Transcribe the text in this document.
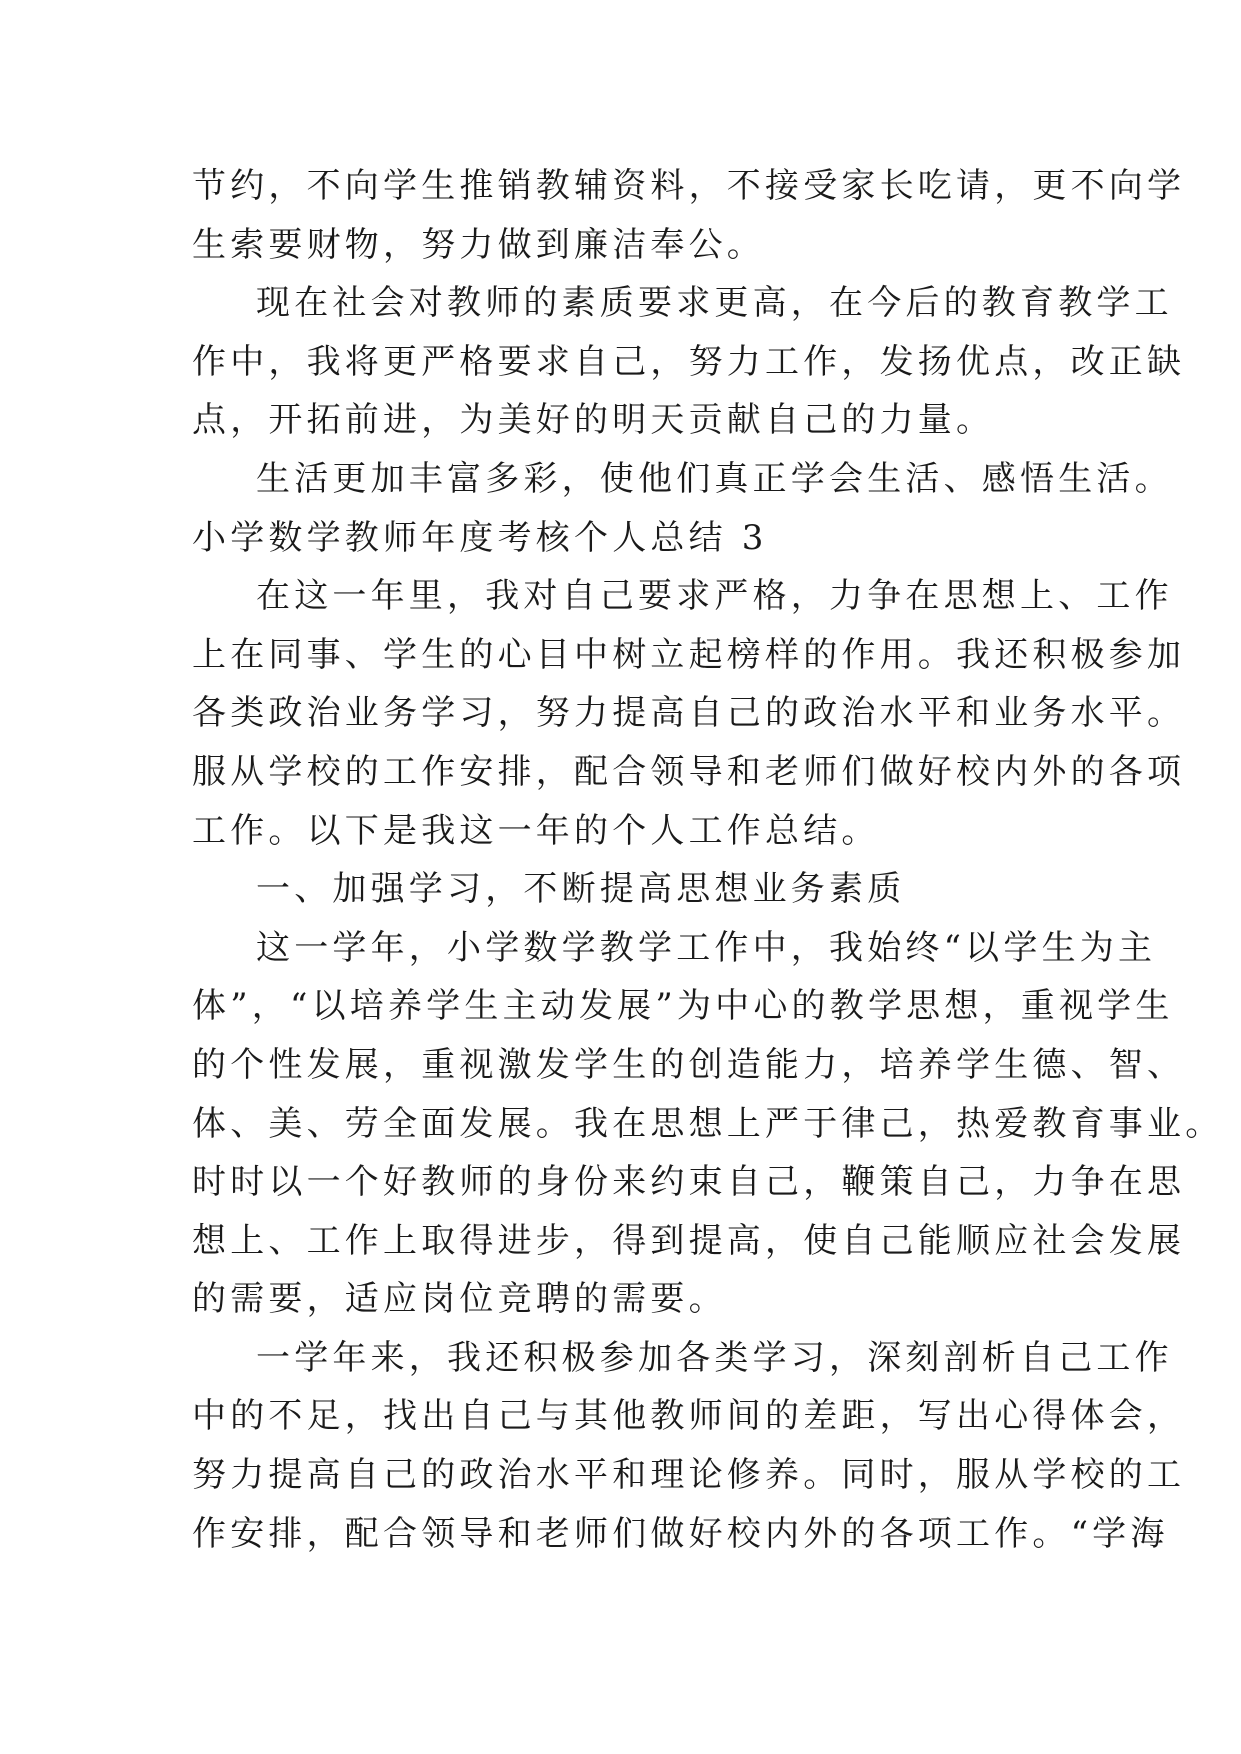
节约，不向学生推销教辅资料，不接受家长吃请，更不向学
生索要财物，努力做到廉洁奉公。
现在社会对教师的素质要求更高，在今后的教育教学工
作中，我将更严格要求自己，努力工作，发扬优点，改正缺
点，开拓前进，为美好的明天贡献自己的力量。
生活更加丰富多彩，使他们真正学会生活、感悟生活。
小学数学教师年度考核个人总结 3
在这一年里，我对自己要求严格，力争在思想上、工作
上在同事、学生的心目中树立起榜样的作用。我还积极参加
各类政治业务学习，努力提高自己的政治水平和业务水平。
服从学校的工作安排，配合领导和老师们做好校内外的各项
工作。以下是我这一年的个人工作总结。
一、加强学习，不断提高思想业务素质
这一学年，小学数学教学工作中，我始终“以学生为主
体”，“以培养学生主动发展”为中心的教学思想，重视学生
的个性发展，重视激发学生的创造能力，培养学生德、智、
体、美、劳全面发展。我在思想上严于律己，热爱教育事业。
时时以一个好教师的身份来约束自己，鞭策自己，力争在思
想上、工作上取得进步，得到提高，使自己能顺应社会发展
的需要，适应岗位竞聘的需要。
一学年来，我还积极参加各类学习，深刻剖析自己工作
中的不足，找出自己与其他教师间的差距，写出心得体会，
努力提高自己的政治水平和理论修养。同时，服从学校的工
作安排，配合领导和老师们做好校内外的各项工作。“学海
